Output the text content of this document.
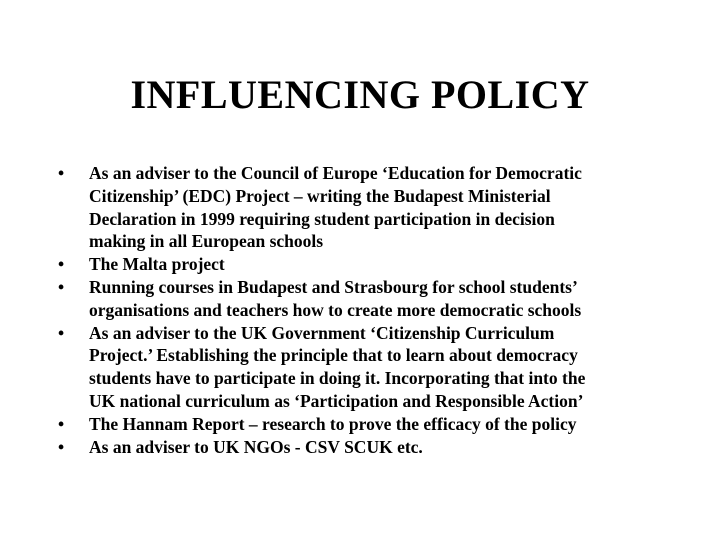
INFLUENCING POLICY
•	As an adviser to the Council of Europe ‘Education for Democratic
Citizenship’ (EDC) Project – writing the Budapest Ministerial
Declaration in 1999 requiring student participation in decision
making in all European schools
•	The Malta project
•	Running courses in Budapest and Strasbourg for school students’
organisations and teachers how to create more democratic schools
•	As an adviser to the UK Government ‘Citizenship Curriculum
Project.’ Establishing the principle that to learn about democracy
students have to participate in doing it. Incorporating that into the
UK national curriculum as ‘Participation and Responsible Action’
•	The Hannam Report – research to prove the efficacy of the policy
•	As an adviser to UK NGOs - CSV SCUK etc.
